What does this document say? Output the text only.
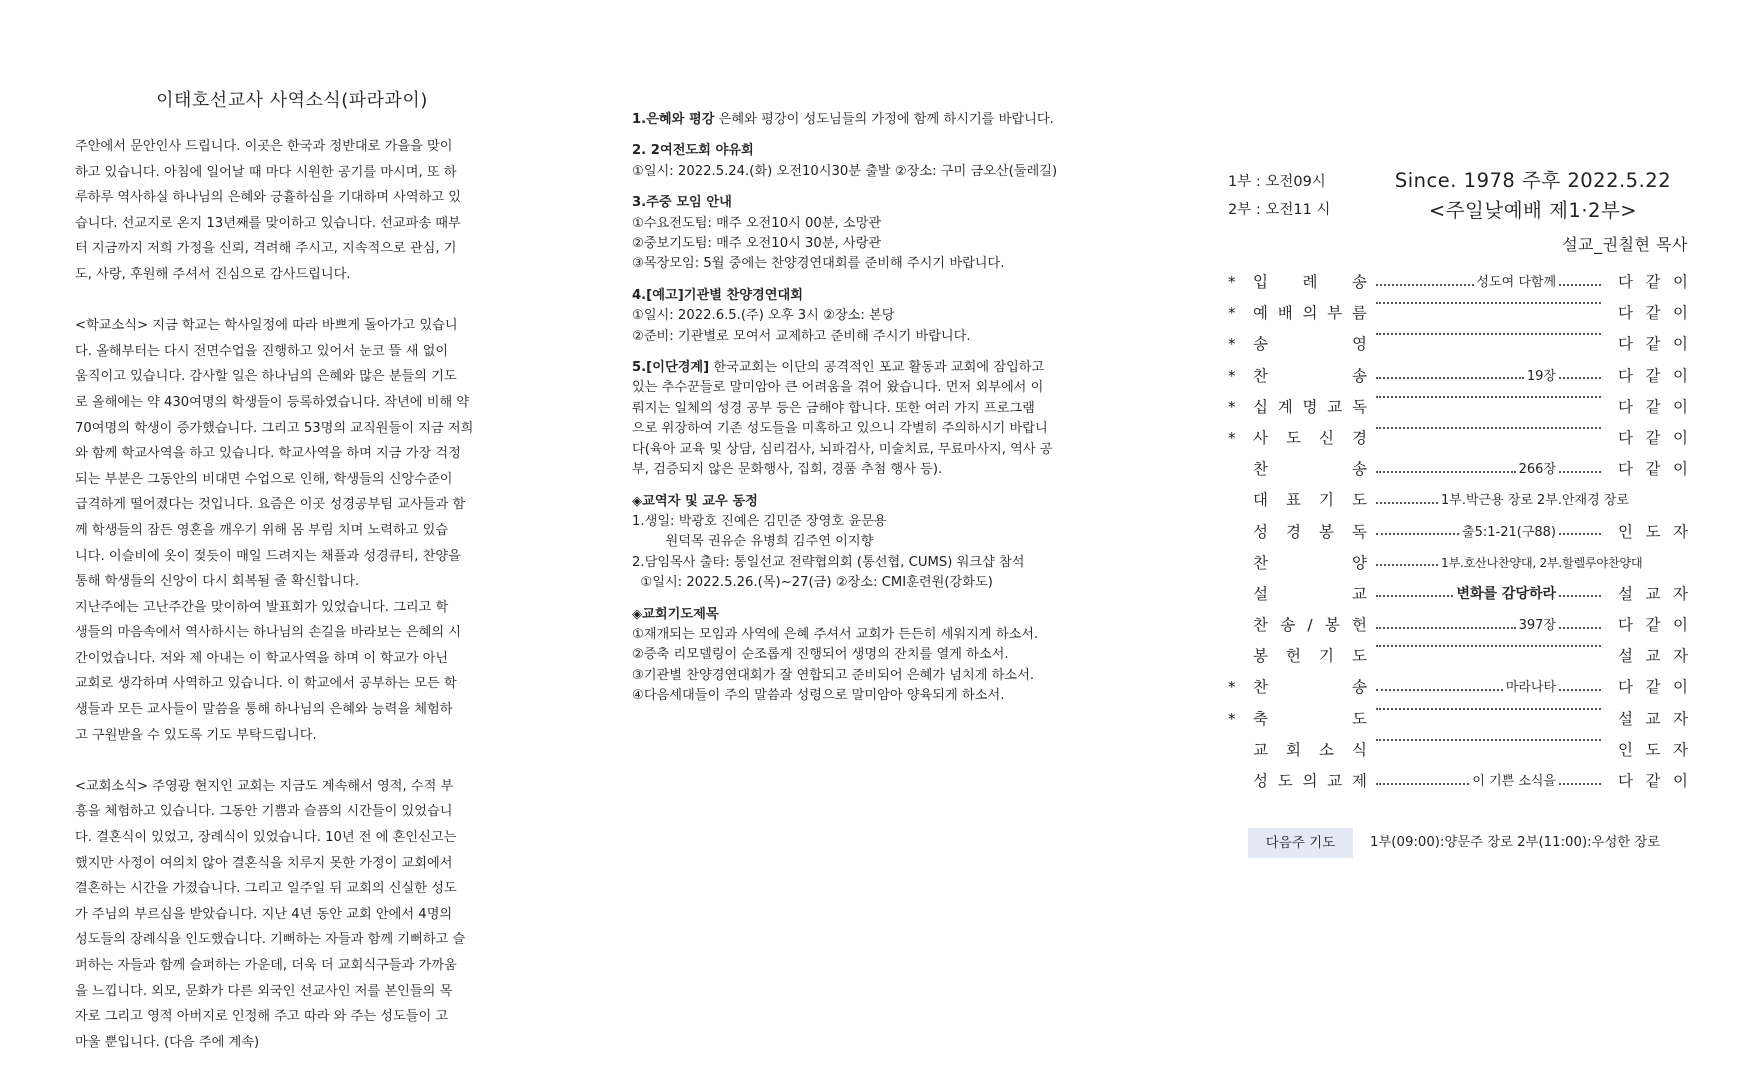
이태호선교사 사역소식(파라과이)
주안에서 문안인사 드립니다. 이곳은 한국과 정반대로 가을을 맞이
하고 있습니다. 아침에 일어날 때 마다 시원한 공기를 마시며, 또 하
루하루 역사하실 하나님의 은혜와 긍휼하심을 기대하며 사역하고 있
습니다. 선교지로 온지 13년째를 맞이하고 있습니다. 선교파송 때부
터 지금까지 저희 가정을 신뢰, 격려해 주시고, 지속적으로 관심, 기
도, 사랑, 후원해 주셔서 진심으로 감사드립니다.
<학교소식> 지금 학교는 학사일정에 따라 바쁘게 돌아가고 있습니
다. 올해부터는 다시 전면수업을 진행하고 있어서 눈코 뜰 새 없이
움직이고 있습니다. 감사할 일은 하나님의 은혜와 많은 분들의 기도
로 올해에는 약 430여명의 학생들이 등록하였습니다. 작년에 비해 약
70여명의 학생이 증가했습니다. 그리고 53명의 교직원들이 지금 저희
와 함께 학교사역을 하고 있습니다. 학교사역을 하며 지금 가장 걱정
되는 부분은 그동안의 비대면 수업으로 인해, 학생들의 신앙수준이
급격하게 떨어졌다는 것입니다. 요즘은 이곳 성경공부팀 교사들과 함
께 학생들의 잠든 영혼을 깨우기 위해 몸 부림 치며 노력하고 있습
니다. 이슬비에 옷이 젖듯이 매일 드려지는 채플과 성경큐티, 찬양을
통해 학생들의 신앙이 다시 회복될 줄 확신합니다.
지난주에는 고난주간을 맞이하여 발표회가 있었습니다. 그리고 학
생들의 마음속에서 역사하시는 하나님의 손길을 바라보는 은혜의 시
간이었습니다. 저와 제 아내는 이 학교사역을 하며 이 학교가 아닌
교회로 생각하며 사역하고 있습니다. 이 학교에서 공부하는 모든 학
생들과 모든 교사들이 말씀을 통해 하나님의 은혜와 능력을 체험하
고 구원받을 수 있도록 기도 부탁드립니다.
<교회소식> 주영광 현지인 교회는 지금도 계속해서 영적, 수적 부
흥을 체험하고 있습니다. 그동안 기쁨과 슬픔의 시간들이 있었습니
다. 결혼식이 있었고, 장례식이 있었습니다. 10년 전 에 혼인신고는
했지만 사정이 여의치 않아 결혼식을 치루지 못한 가정이 교회에서
결혼하는 시간을 가졌습니다. 그리고 일주일 뒤 교회의 신실한 성도
가 주님의 부르심을 받았습니다. 지난 4년 동안 교회 안에서 4명의
성도들의 장례식을 인도했습니다. 기뻐하는 자들과 함께 기뻐하고 슬
퍼하는 자들과 함께 슬퍼하는 가운데, 더욱 더 교회식구들과 가까움
을 느낍니다. 외모, 문화가 다른 외국인 선교사인 저를 본인들의 목
자로 그리고 영적 아버지로 인정해 주고 따라 와 주는 성도들이 고
마울 뿐입니다. (다음 주에 계속)
1.은혜와 평강 은혜와 평강이 성도님들의 가정에 함께 하시기를 바랍니다.
2. 2여전도회 야유회
①일시: 2022.5.24.(화) 오전10시30분 출발 ②장소: 구미 금오산(둘레길)
3.주중 모임 안내
①수요전도팀: 매주 오전10시 00분, 소망관
②중보기도팀: 매주 오전10시 30분, 사랑관
③목장모임: 5월 중에는 찬양경연대회를 준비해 주시기 바랍니다.
4.[예고]기관별 찬양경연대회
①일시: 2022.6.5.(주) 오후 3시 ②장소: 본당
②준비: 기관별로 모여서 교제하고 준비해 주시기 바랍니다.
5.[이단경계] 한국교회는 이단의 공격적인 포교 활동과 교회에 잠입하고
있는 추수꾼들로 말미암아 큰 어려움을 겪어 왔습니다. 먼저 외부에서 이
뤄지는 일체의 성경 공부 등은 금해야 합니다. 또한 여러 가지 프로그램
으로 위장하여 기존 성도들을 미혹하고 있으니 각별히 주의하시기 바랍니
다(육아 교육 및 상담, 심리검사, 뇌파검사, 미술치료, 무료마사지, 역사 공
부, 검증되지 않은 문화행사, 집회, 경품 추첨 행사 등).
◈교역자 및 교우 동정
1.생일: 박광호 진예은 김민준 장영호 윤문용
원덕목 권유순 유병희 김주연 이지향
2.담임목사 출타: 통일선교 전략협의회 (통선협, CUMS) 워크샵 참석
①일시: 2022.5.26.(목)~27(금) ②장소: CMI훈련원(강화도)
◈교회기도제목
①재개되는 모임과 사역에 은혜 주셔서 교회가 든든히 세워지게 하소서.
②증축 리모델링이 순조롭게 진행되어 생명의 잔치를 열게 하소서.
③기관별 찬양경연대회가 잘 연합되고 준비되어 은혜가 넘치게 하소서.
④다음세대들이 주의 말씀과 성령으로 말미암아 양육되게 하소서.
1부 : 오전09시
2부 : 오전11 시
Since. 1978 주후 2022.5.22
<주일낮예배 제1·2부>
설교_권칠현 목사
*	입 례 송	성도여 다함께	다 같 이
*	예 배 의 부 름	다 같 이
*	송	영	다 같 이
*	찬	송	19장	다 같 이
*	십 계 명 교 독	다 같 이
*	사 도 신 경	다 같 이
찬	송	266장	다 같 이
대 표 기 도	1부.박근용 장로 2부.안재경 장로
성 경 봉 독	출5:1-21(구88)	인 도 자
찬	양	1부.호산나찬양대, 2부.할렐루야찬양대
설	교	변화를 감당하라	설 교 자
찬 송 / 봉 헌	397장	다 같 이
봉 헌 기 도	설 교 자
*	찬	송	마라나타	다 같 이
*	축	도	설 교 자
교 회 소 식	인 도 자
성 도 의 교 제	이 기쁜 소식을	다 같 이
다음주 기도	1부(09:00):양문주 장로 2부(11:00):우성한 장로
